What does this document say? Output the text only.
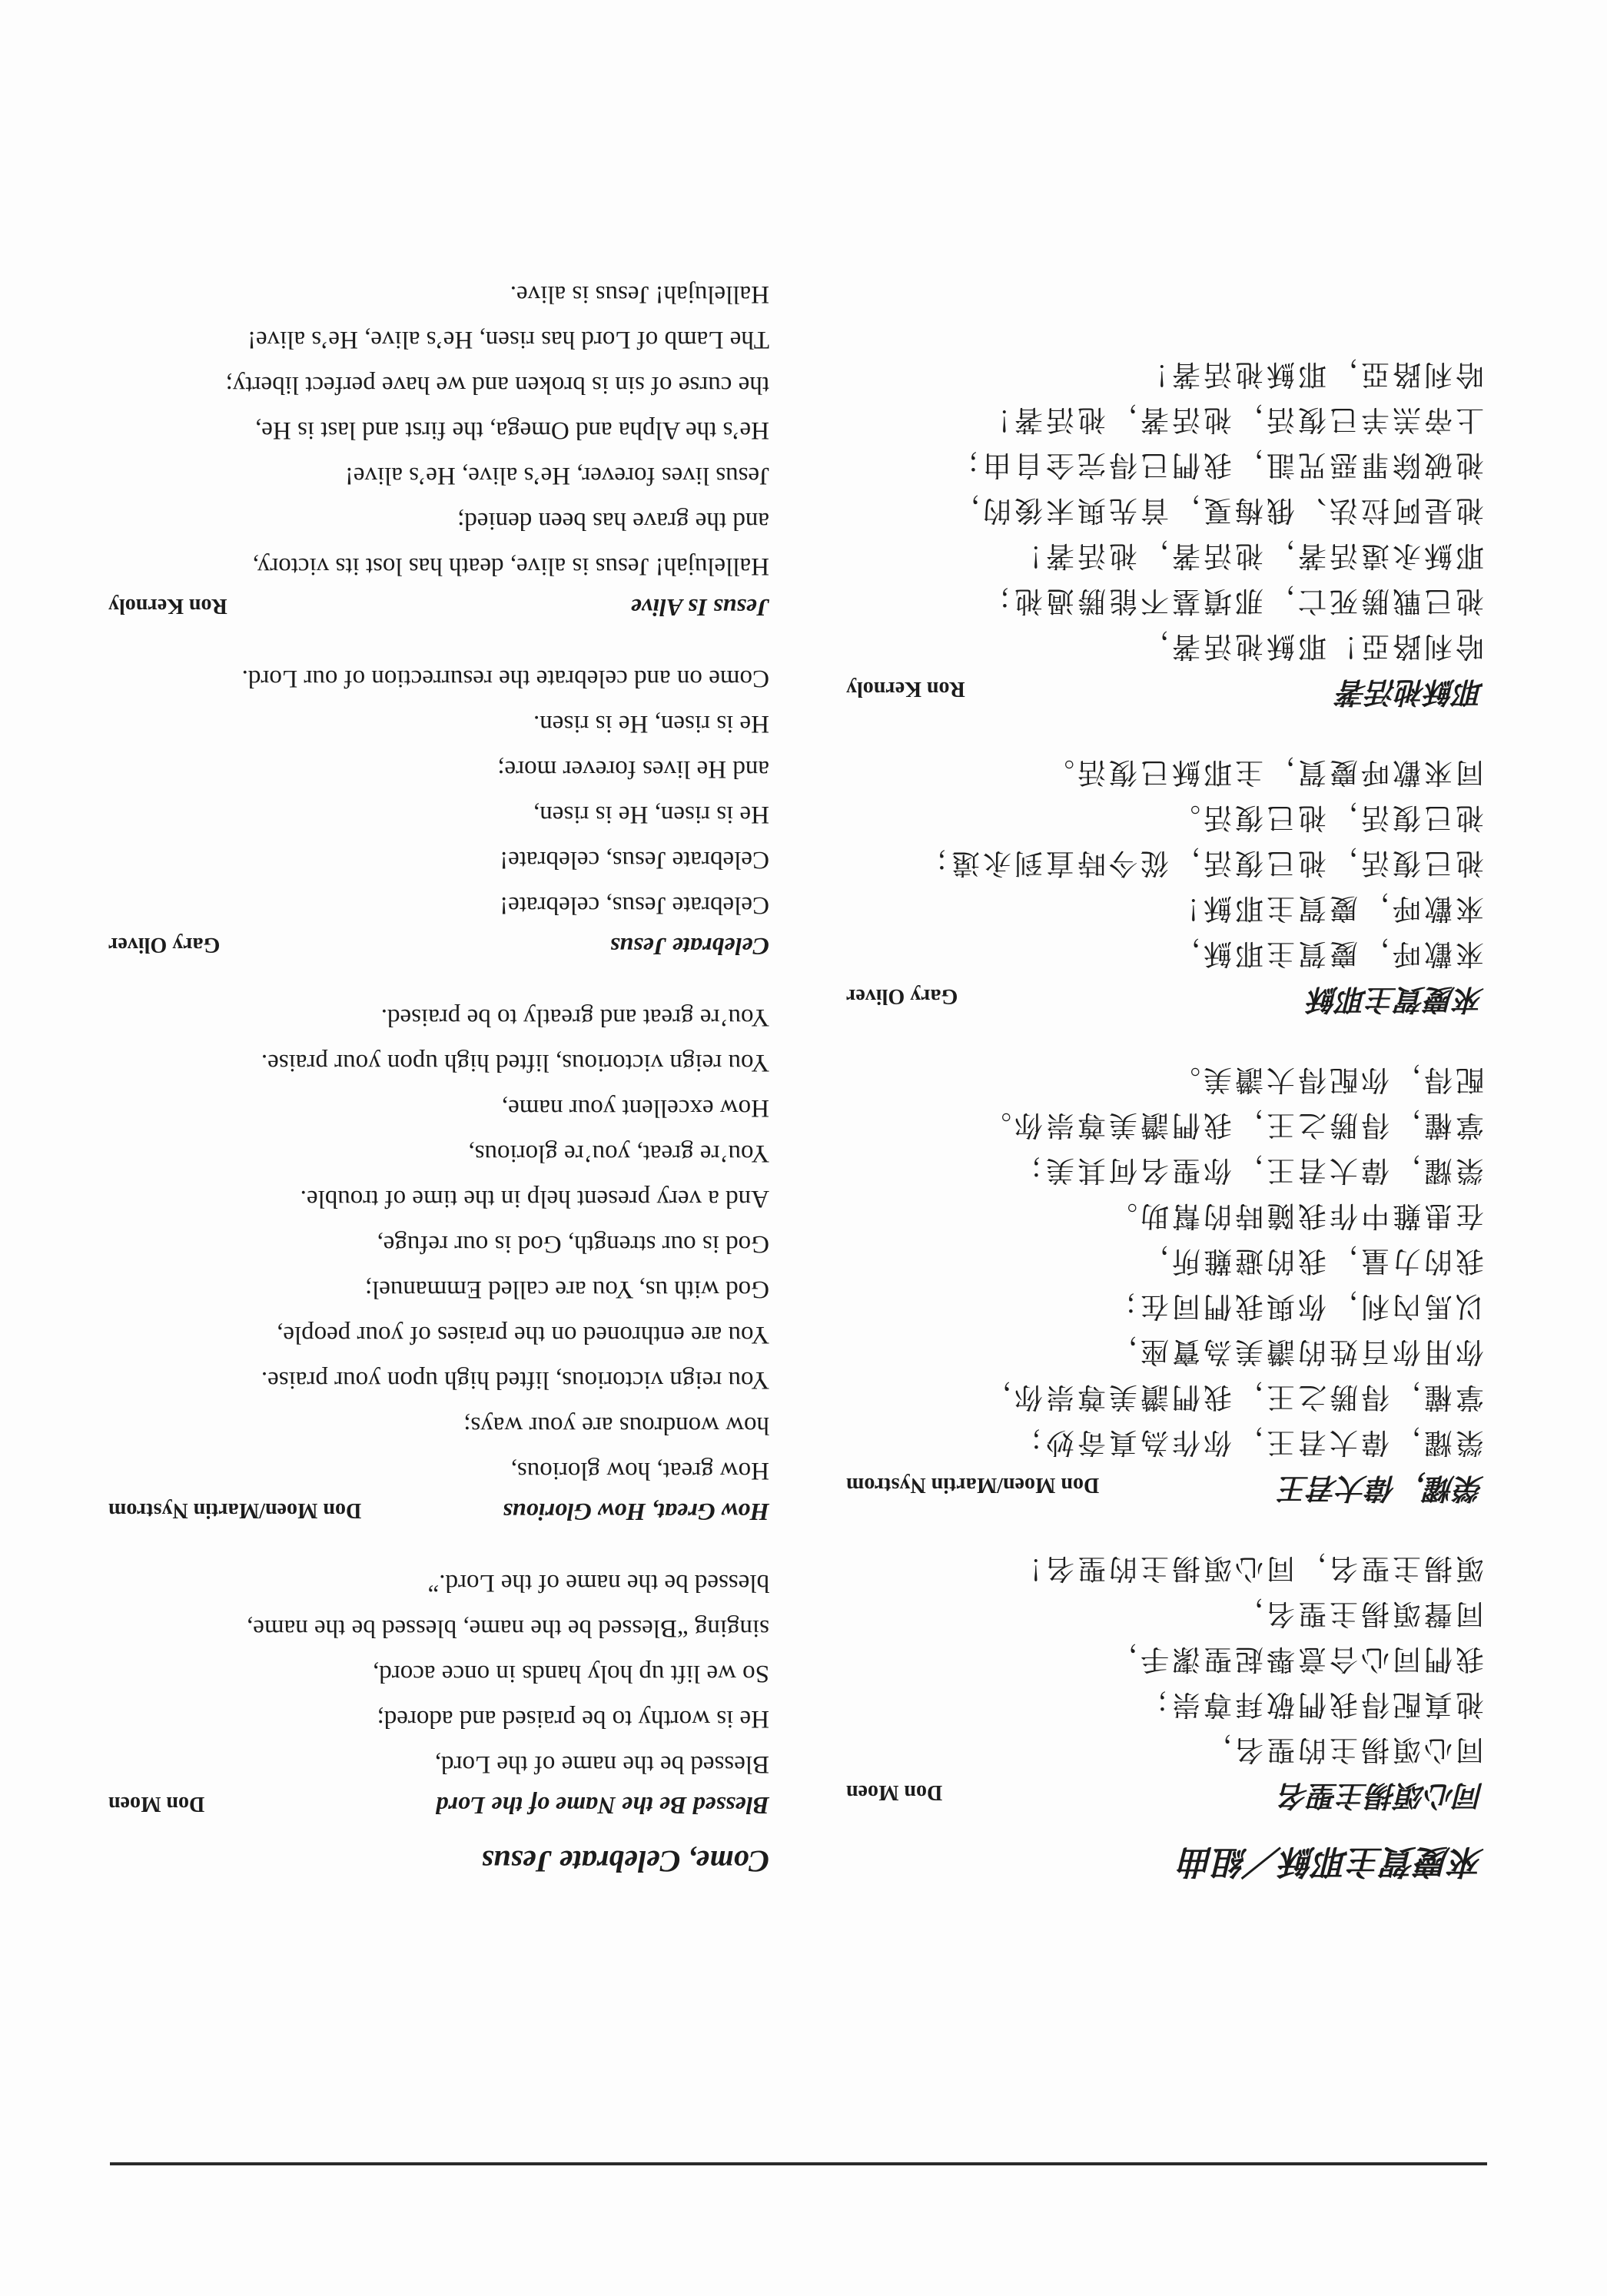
來慶賀主耶穌／組曲
同心頌揚主聖名
Don Moen
同心頌揚主的聖名，
祂真配得我們敬拜尊崇；
我們同心合意舉起聖潔手，
同聲頌揚主聖名，
頌揚主聖名，同心頌揚主的聖名！
榮耀，偉大君王
Don Moen/Martin Nystrom
榮耀，偉大君王，你作為真奇妙；
掌權，得勝之王，我們讚美尊崇你，
你用你百姓的讚美為寶座，
以馬內利，你與我們同在；
我的力量，我的避難所，
在患難中作我隨時的幫助。
榮耀，偉大君王，你聖名何其美；
掌權，得勝之王，我們讚美尊崇你。
配得，你配得大讚美。
來慶賀主耶穌
Gary Oliver
來歡呼，慶賀主耶穌，
來歡呼，慶賀主耶穌！
祂已復活，祂已復活，從今時直到永遠；
祂已復活，祂已復活。
同來歡呼慶賀，主耶穌已復活。
耶穌祂活著
Ron Kernoly
哈利路亞！耶穌祂活著，
祂已戰勝死亡，那墳墓不能勝過祂；
耶穌永遠活著，祂活著，祂活著！
祂是阿拉法、俄梅戛，首先與末後的，
祂破除罪惡咒詛，我們已得完全自由；
上帝羔羊已復活，祂活著，祂活著！
哈利路亞，耶穌祂活著！
Come, Celebrate Jesus
Blessed Be the Name of the Lord
Don Moen
Blessed be the name of the Lord,
He is worthy to be praised and adored;
So we lift up holy hands in once acord,
singing “Blessed be the name, blessed be the name,
blessed be the name of the Lord.”
How Great, How Glorious
Don Moen/Martin Nystrom
How great, how glorious,
how wondrous are your ways;
You reign victorious, lifted high upon your praise.
You are enthroned on the praises of your people,
God with us, You are called Emmanuel;
God is our strength, God is our refuge,
And a very present help in the time of trouble.
You’re great, you’re glorious,
How excellent your name,
You reign victorious, lifted high upon your praise.
You’re great and greatly to be praised.
Celebrate Jesus
Gary Oliver
Celebrate Jesus, celebrate!
Celebrate Jesus, celebrate!
He is risen, He is risen,
and He lives forever more;
He is risen, He is risen.
Come on and celebrate the resurrection of our Lord.
Jesus Is Alive
Ron Kernoly
Hallelujah! Jesus is alive, death has lost its victory,
and the grave has been denied;
Jesus lives forever, He’s alive, He’s alive!
He’s the Alpha and Omega, the first and last is He,
the curse of sin is broken and we have perfect liberty;
The Lamb of Lord has risen, He’s alive, He’s alive!
Hallelujah! Jesus is alive.
